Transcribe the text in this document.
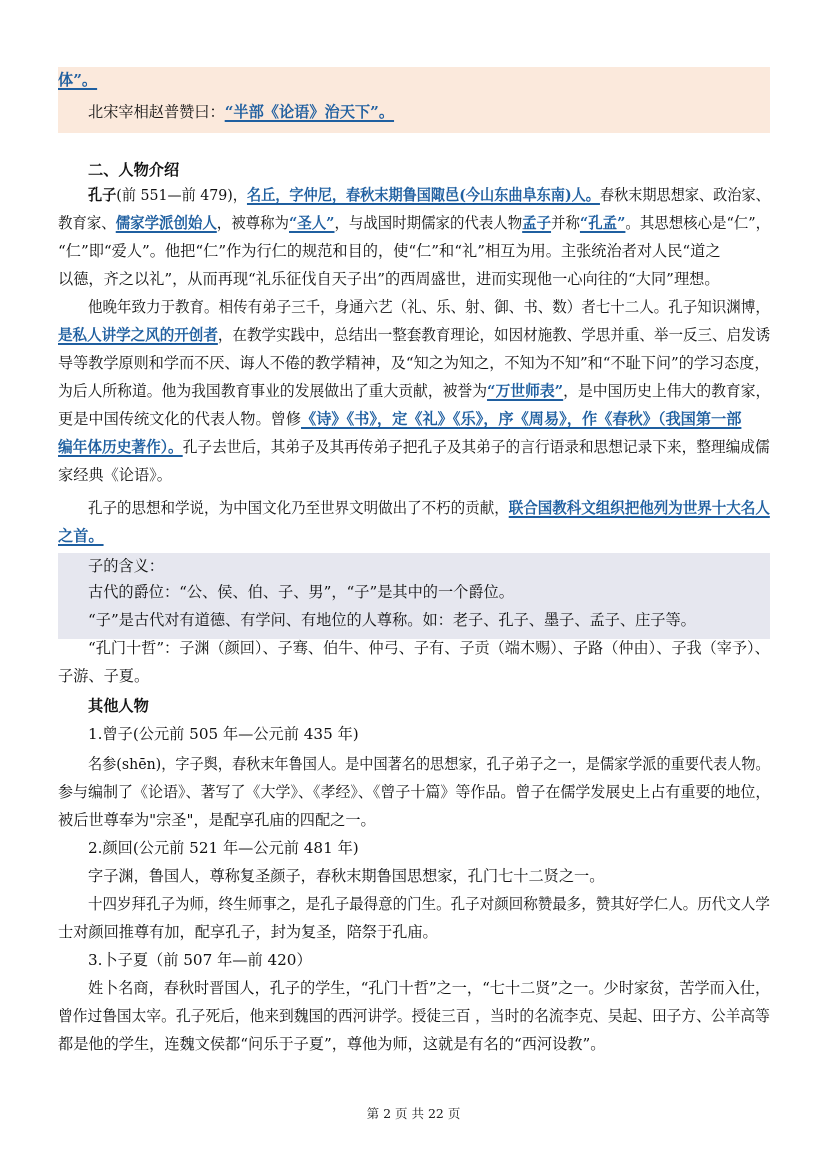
体”。
北宋宰相赵普赞曰：“半部《论语》治天下”。
二、人物介绍
孔子(前 551—前 479)，名丘，字仲尼，春秋末期鲁国陬邑(今山东曲阜东南)人。春秋末期思想家、政治家、
教育家、儒家学派创始人，被尊称为“圣人”，与战国时期儒家的代表人物孟子并称“孔孟”。其思想核心是“仁”，
“仁”即“爱人”。他把“仁”作为行仁的规范和目的，使“仁”和“礼”相互为用。主张统治者对人民“道之
以德，齐之以礼”，从而再现“礼乐征伐自天子出”的西周盛世，进而实现他一心向往的“大同”理想。
他晚年致力于教育。相传有弟子三千，身通六艺（礼、乐、射、御、书、数）者七十二人。孔子知识渊博，
是私人讲学之风的开创者，在教学实践中，总结出一整套教育理论，如因材施教、学思并重、举一反三、启发诱
导等教学原则和学而不厌、诲人不倦的教学精神，及“知之为知之，不知为不知”和“不耻下问”的学习态度，
为后人所称道。他为我国教育事业的发展做出了重大贡献，被誉为“万世师表”，是中国历史上伟大的教育家，
更是中国传统文化的代表人物。曾修《诗》《书》，定《礼》《乐》，序《周易》，作《春秋》（我国第一部
编年体历史著作）。孔子去世后，其弟子及其再传弟子把孔子及其弟子的言行语录和思想记录下来，整理编成儒
家经典《论语》。
孔子的思想和学说，为中国文化乃至世界文明做出了不朽的贡献，联合国教科文组织把他列为世界十大名人
之首。
子的含义：
古代的爵位：“公、侯、伯、子、男”，“子”是其中的一个爵位。
“子”是古代对有道德、有学问、有地位的人尊称。如：老子、孔子、墨子、孟子、庄子等。
“孔门十哲”：子渊（颜回）、子骞、伯牛、仲弓、子有、子贡（端木赐）、子路（仲由）、子我（宰予）、
子游、子夏。
其他人物
1.曾子(公元前 505 年—公元前 435 年)
名参(shēn)，字子舆，春秋末年鲁国人。是中国著名的思想家，孔子弟子之一，是儒家学派的重要代表人物。
参与编制了《论语》、著写了《大学》、《孝经》、《曾子十篇》等作品。曾子在儒学发展史上占有重要的地位，
被后世尊奉为"宗圣"，是配享孔庙的四配之一。
2.颜回(公元前 521 年—公元前 481 年)
字子渊，鲁国人，尊称复圣颜子，春秋末期鲁国思想家，孔门七十二贤之一。
十四岁拜孔子为师，终生师事之，是孔子最得意的门生。孔子对颜回称赞最多，赞其好学仁人。历代文人学
士对颜回推尊有加，配享孔子，封为复圣，陪祭于孔庙。
3.卜子夏（前 507 年—前 420）
姓卜名商，春秋时晋国人，孔子的学生，“孔门十哲”之一，“七十二贤”之一。少时家贫，苦学而入仕，
曾作过鲁国太宰。孔子死后，他来到魏国的西河讲学。授徒三百 ，当时的名流李克、吴起、田子方、公羊高等
都是他的学生，连魏文侯都“问乐于子夏”，尊他为师，这就是有名的“西河设教”。
第 2 页 共 22 页
